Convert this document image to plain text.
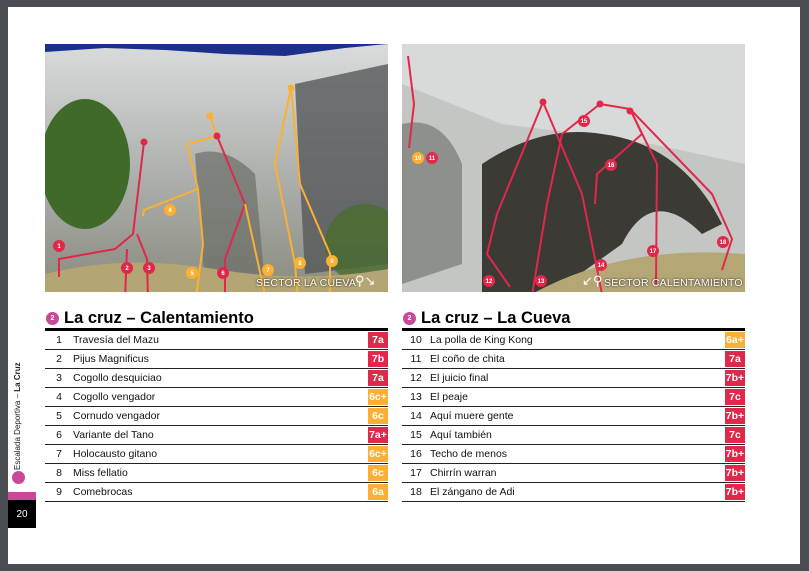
1
2	3
4
5	6	7
8	9
SECTOR LA CUEVA
⚲↘
10 11
12	13
14
15
16
17
18
↙⚲ SECTOR CALENTAMIENTO
2 La cruz – Calentamiento
1	Travesía del Mazu	7a
2	Pijus Magnificus	7b
3	Cogollo desquiciao	7a
4	Cogollo vengador	6c+
5	Cornudo vengador	6c
6	Variante del Tano	7a+
7	Holocausto gitano	6c+
8	Miss fellatio	6c
9	Comebrocas	6a
2 La cruz – La Cueva
10 La polla de King Kong	6a+
11 El coño de chita	7a
12 El juicio final	7b+
13 El peaje	7c
14 Aquí muere gente	7b+
15 Aquí también	7c
16 Techo de menos	7b+
17 Chirrín warran	7b+
18 El zángano de Adi	7b+
Escalada Deportiva – La Cruz
20
